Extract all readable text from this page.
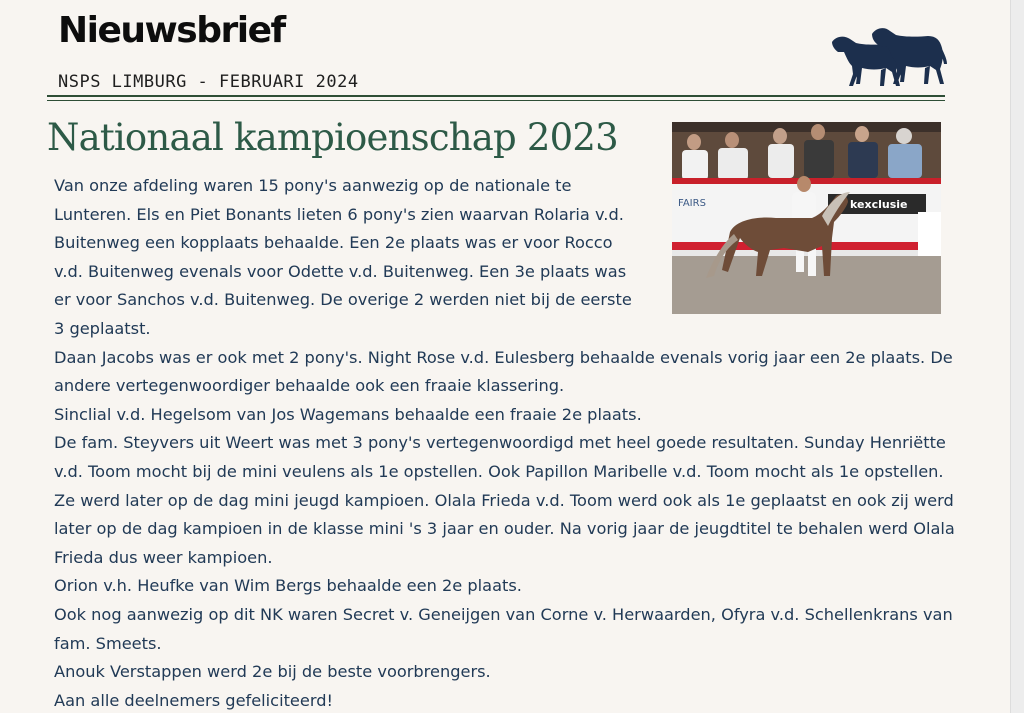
Nieuwsbrief
NSPS LIMBURG - FEBRUARI 2024
Nationaal kampioenschap 2023
kexclusie
FAIRS

Van onze afdeling waren 15 pony's aanwezig op de nationale te
Lunteren. Els en Piet Bonants lieten 6 pony's zien waarvan Rolaria v.d.
Buitenweg een kopplaats behaalde. Een 2e plaats was er voor Rocco
v.d. Buitenweg evenals voor Odette v.d. Buitenweg. Een 3e plaats was
er voor Sanchos v.d. Buitenweg. De overige 2 werden niet bij de eerste
3 geplaatst.

Daan Jacobs was er ook met 2 pony's. Night Rose v.d. Eulesberg behaalde evenals vorig jaar een 2e plaats. De
andere vertegenwoordiger behaalde ook een fraaie klassering.

Sinclial v.d. Hegelsom van Jos Wagemans behaalde een fraaie 2e plaats.

De fam. Steyvers uit Weert was met 3 pony's vertegenwoordigd met heel goede resultaten. Sunday Henriëtte
v.d. Toom mocht bij de mini veulens als 1e opstellen. Ook Papillon Maribelle v.d. Toom mocht als 1e opstellen.
Ze werd later op de dag mini jeugd kampioen. Olala Frieda v.d. Toom werd ook als 1e geplaatst en ook zij werd
later op de dag kampioen in de klasse mini 's 3 jaar en ouder. Na vorig jaar de jeugdtitel te behalen werd Olala
Frieda dus weer kampioen.

Orion v.h. Heufke van Wim Bergs behaalde een 2e plaats.

Ook nog aanwezig op dit NK waren Secret v. Geneijgen van Corne v. Herwaarden, Ofyra v.d. Schellenkrans van
fam. Smeets.

Anouk Verstappen werd 2e bij de beste voorbrengers.

Aan alle deelnemers gefeliciteerd!
